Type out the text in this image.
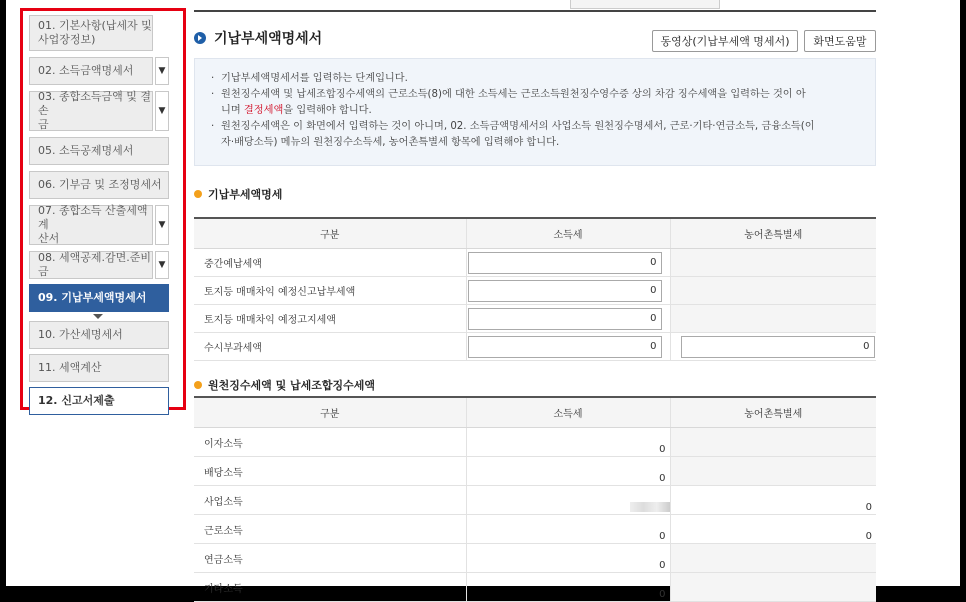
01. 기본사항(납세자 및
사업장정보)
02. 소득금액명세서	▼
03. 종합소득금액 및 결손
금
▼
05. 소득공제명세서
06. 기부금 및 조정명세서
07. 종합소득 산출세액계
산서
▼
08. 세액공제.감면.준비금	▼
09. 기납부세액명세서
10. 가산세명세서
11. 세액계산
12. 신고서제출
기납부세액명세서	동영상(기납부세액 명세서)	화면도움말
· 기납부세액명세서를 입력하는 단계입니다.
· 원천징수세액 및 납세조합징수세액의 근로소득(8)에 대한 소득세는 근로소득원천징수영수증 상의 차감 징수세액을 입력하는 것이 아
니며 결정세액을 입력해야 합니다.
· 원천징수세액은 이 화면에서 입력하는 것이 아니며, 02. 소득금액명세서의 사업소득 원천징수명세서, 근로·기타·연금소득, 금융소득(이
자·배당소득) 메뉴의 원천징수소득세, 농어촌특별세 항목에 입력해야 합니다.
기납부세액명세
구분	소득세	농어촌특별세
중간예납세액	0	

토지등 매매차익 예정신고납부세액	0	

토지등 매매차익 예정고지세액	0	

수시부과세액	0	0
원천징수세액 및 납세조합징수세액
구분	소득세	농어촌특별세
이자소득	0	
배당소득	0	
사업소득		0
근로소득	0	0
연금소득	0	
기타소득	0	
